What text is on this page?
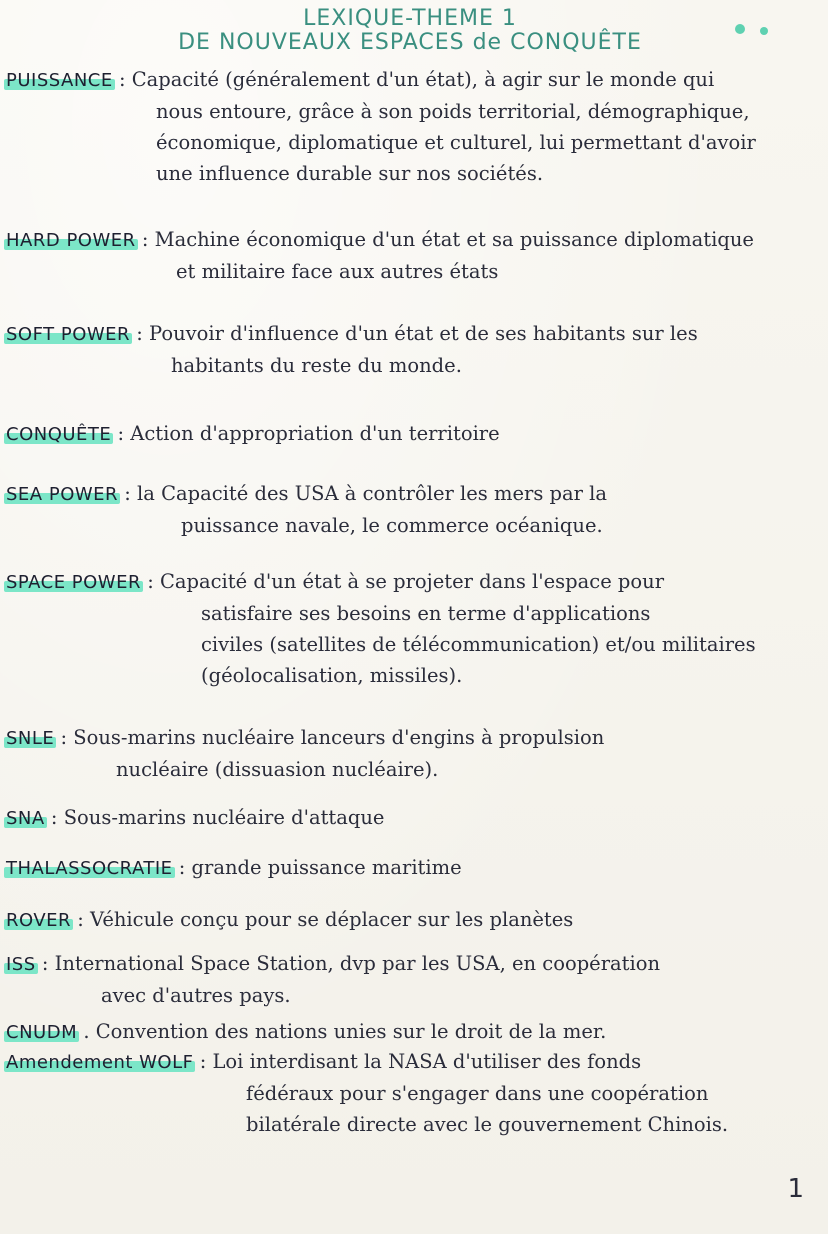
LEXIQUE-THEME 1
DE NOUVEAUX ESPACES de CONQUÊTE
PUISSANCE : Capacité (généralement d'un état), à agir sur le monde qui
nous entoure, grâce à son poids territorial, démographique,
économique, diplomatique et culturel, lui permettant d'avoir
une influence durable sur nos sociétés.
HARD POWER : Machine économique d'un état et sa puissance diplomatique
et militaire face aux autres états
SOFT POWER : Pouvoir d'influence d'un état et de ses habitants sur les
habitants du reste du monde.
CONQUÊTE : Action d'appropriation d'un territoire
SEA POWER : la Capacité des USA à contrôler les mers par la
puissance navale, le commerce océanique.
SPACE POWER : Capacité d'un état à se projeter dans l'espace pour
satisfaire ses besoins en terme d'applications
civiles (satellites de télécommunication) et/ou militaires
(géolocalisation, missiles).
SNLE : Sous-marins nucléaire lanceurs d'engins à propulsion
nucléaire (dissuasion nucléaire).
SNA : Sous-marins nucléaire d'attaque
THALASSOCRATIE : grande puissance maritime
ROVER : Véhicule conçu pour se déplacer sur les planètes
ISS : International Space Station, dvp par les USA, en coopération
avec d'autres pays.
CNUDM . Convention des nations unies sur le droit de la mer.
Amendement WOLF : Loi interdisant la NASA d'utiliser des fonds
fédéraux pour s'engager dans une coopération
bilatérale directe avec le gouvernement Chinois.
1
